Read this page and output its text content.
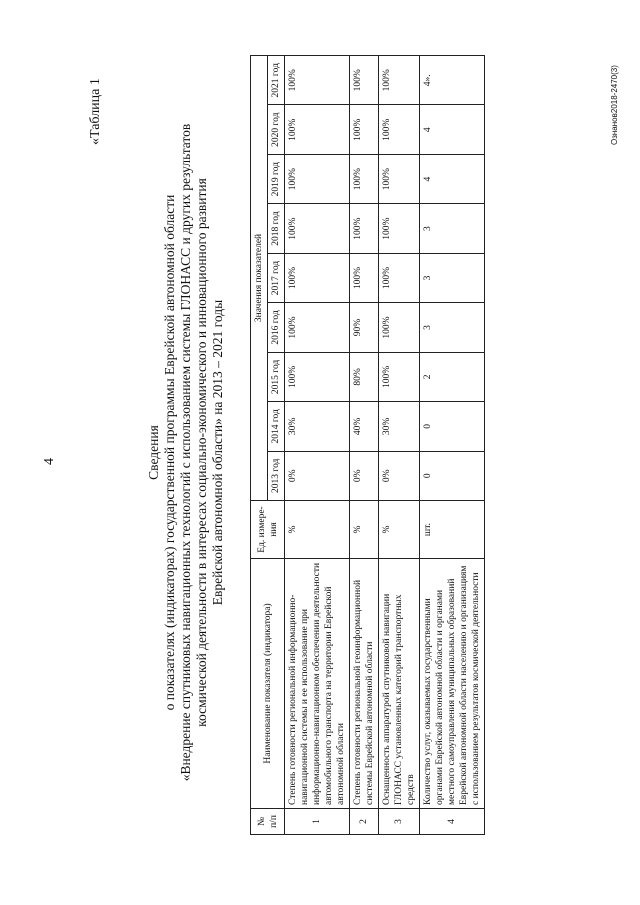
4
«Таблица 1
Сведения о показателях (индикаторах) государственной программы Еврейской автономной области «Внедрение спутниковых навигационных технологий с использованием системы ГЛОНАСС и других результатов космической деятельности в интересах социально-экономического и инновационного развития Еврейской автономной области» на 2013 – 2021 годы
№ п/п	Наименование показателя (индикатора)	Ед. измере-ния	Значения показателей								
			2013 год	2014 год	2015 год	2016 год	2017 год	2018 год	2019 год	2020 год	2021 год
1	Степень готовности региональной информационно-навигационной системы и ее использование при информационно-навигационном обеспечении деятельности автомобильного транспорта на территории Еврейской автономной области	%	0%	30%	100%	100%	100%	100%	100%	100%	100%
2	Степень готовности региональной геоинформационной системы Еврейской автономной области	%	0%	40%	80%	90%	100%	100%	100%	100%	100%
3	Оснащенность аппаратурой спутниковой навигации ГЛОНАСС установленных категорий транспортных средств	%	0%	30%	100%	100%	100%	100%	100%	100%	100%
4	Количество услуг, оказываемых государственными органами Еврейской автономной области и органами местного самоуправления муниципальных образований Еврейской автономной области населению и организациям с использованием результатов космической деятельности	шт.	0	0	2	3	3	3	4	4	4».	Ознанов2018-2470(3)
